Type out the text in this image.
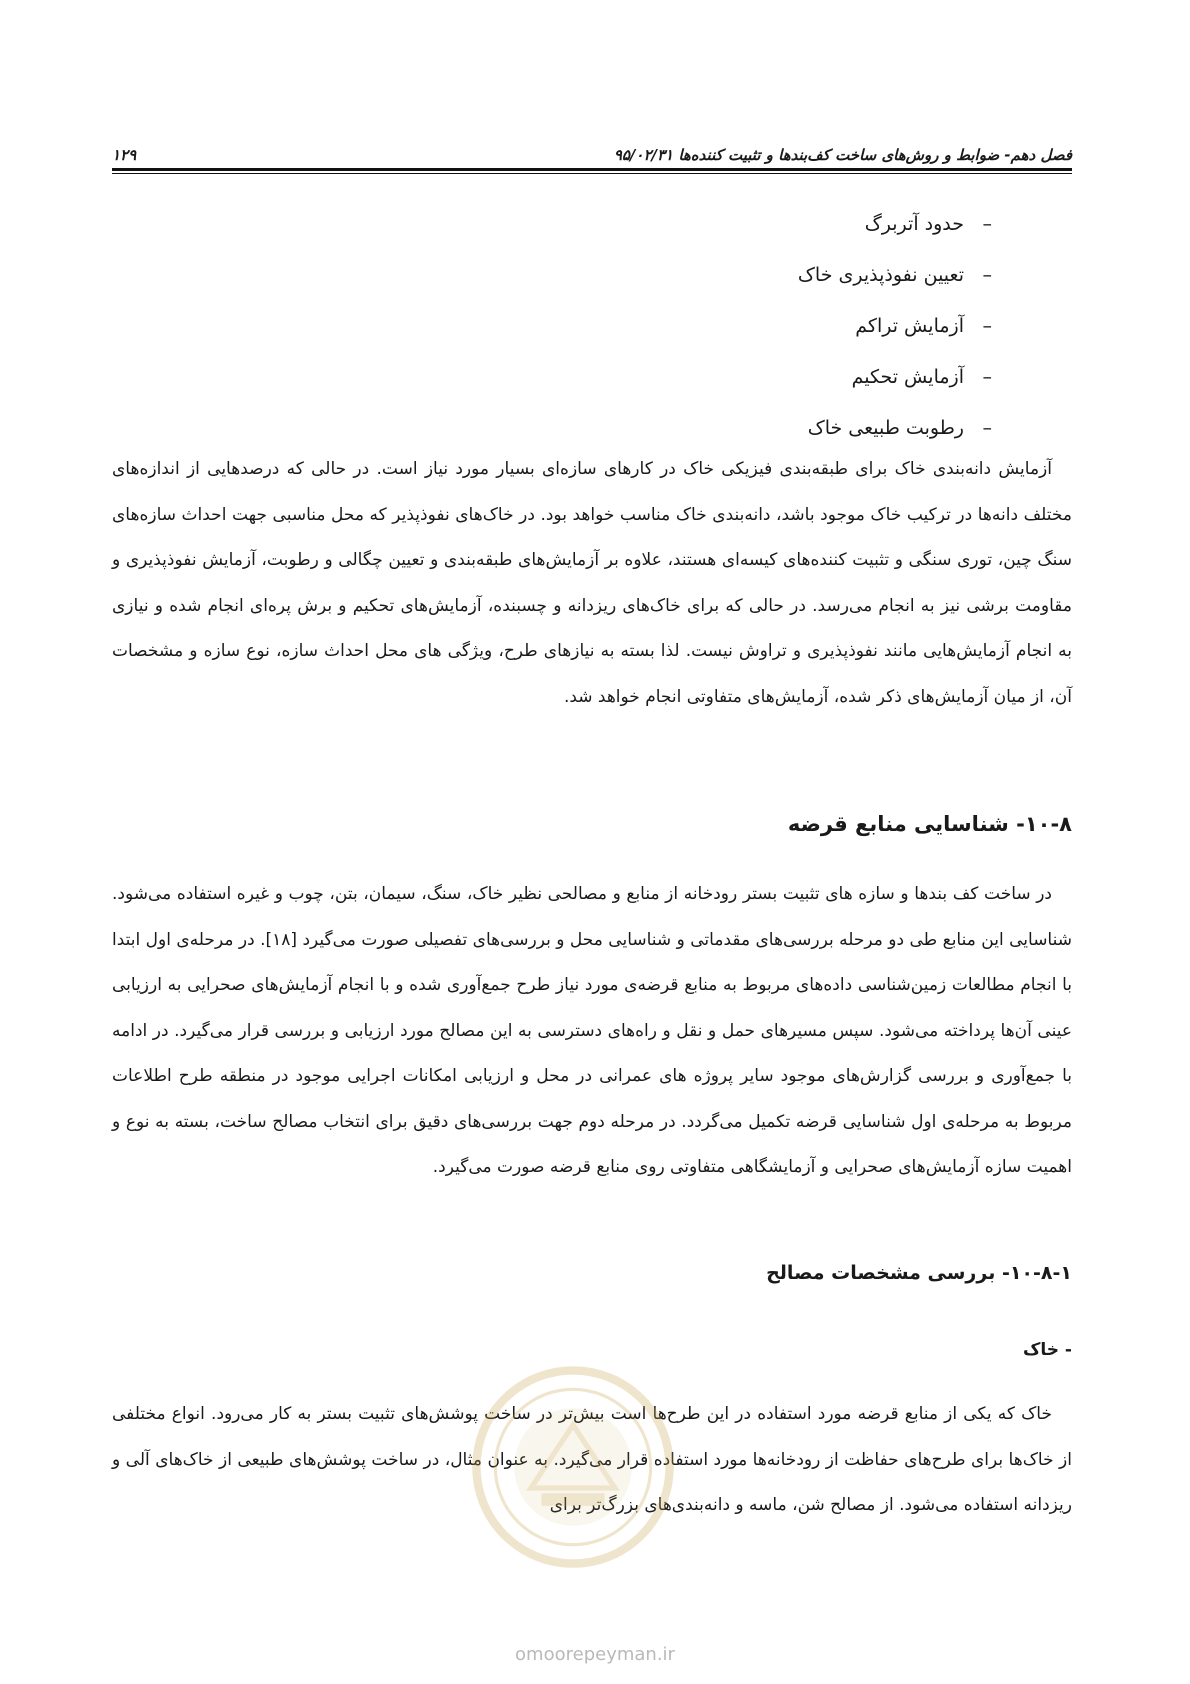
فصل دهم- ضوابط و روش‌های ساخت کف‌بندها و تثبیت کننده‌ها ۹۵/۰۲/۳۱
۱۲۹
–حدود آتربرگ
–تعیین نفوذپذیری خاک
–آزمایش تراکم
–آزمایش تحکیم
–رطوبت طبیعی خاک

آزمایش دانه‌بندی خاک برای طبقه‌بندی فیزیکی خاک در کارهای سازه‌ای بسیار مورد نیاز است. در حالی که درصدهایی از اندازه‌های مختلف دانه‌ها در ترکیب خاک موجود باشد، دانه‌بندی خاک مناسب خواهد بود. در خاک‌های نفوذپذیر که محل مناسبی جهت احداث سازه‌های سنگ چین، توری سنگی و تثبیت کننده‌های کیسه‌ای هستند، علاوه بر آزمایش‌های طبقه‌بندی و تعیین چگالی و رطوبت، آزمایش نفوذپذیری و مقاومت برشی نیز به انجام می‌رسد. در حالی که برای خاک‌های ریزدانه و چسبنده، آزمایش‌های تحکیم و برش پره‌ای انجام شده و نیازی به انجام آزمایش‌هایی مانند نفوذپذیری و تراوش نیست. لذا بسته به نیازهای طرح، ویژگی های محل احداث سازه، نوع سازه و مشخصات آن، از میان آزمایش‌های ذکر شده، آزمایش‌های متفاوتی انجام خواهد شد.

۱۰-۸- شناسایی منابع قرضه

در ساخت کف بندها و سازه های تثبیت بستر رودخانه از منابع و مصالحی نظیر خاک، سنگ، سیمان، بتن، چوب و غیره استفاده می‌شود. شناسایی این منابع طی دو مرحله بررسی‌های مقدماتی و شناسایی محل و بررسی‌های تفصیلی صورت می‌گیرد [۱۸]. در مرحله‌ی اول ابتدا با انجام مطالعات زمین‌شناسی داده‌های مربوط به منابع قرضه‌ی مورد نیاز طرح جمع‌آوری شده و با انجام آزمایش‌های صحرایی به ارزیابی عینی آن‌ها پرداخته می‌شود. سپس مسیرهای حمل و نقل و راه‌های دسترسی به این مصالح مورد ارزیابی و بررسی قرار می‌گیرد. در ادامه با جمع‌آوری و بررسی گزارش‌های موجود سایر پروژه های عمرانی در محل و ارزیابی امکانات اجرایی موجود در منطقه طرح اطلاعات مربوط به مرحله‌ی اول شناسایی قرضه تکمیل می‌گردد. در مرحله دوم جهت بررسی‌های دقیق برای انتخاب مصالح ساخت، بسته به نوع و اهمیت سازه آزمایش‌های صحرایی و آزمایشگاهی متفاوتی روی منابع قرضه صورت می‌گیرد.

۱۰-۸-۱- بررسی مشخصات مصالح
- خاک

خاک که یکی از منابع قرضه مورد استفاده در این طرح‌ها است بیش‌تر در ساخت پوشش‌های تثبیت بستر به کار می‌رود. انواع مختلفی از خاک‌ها برای طرح‌های حفاظت از رودخانه‌ها مورد استفاده قرار می‌گیرد. به عنوان مثال، در ساخت پوشش‌های طبیعی از خاک‌های آلی و ریزدانه استفاده می‌شود. از مصالح شن، ماسه و دانه‌بندی‌های بزرگ‌تر برای

omoorepeyman.ir
